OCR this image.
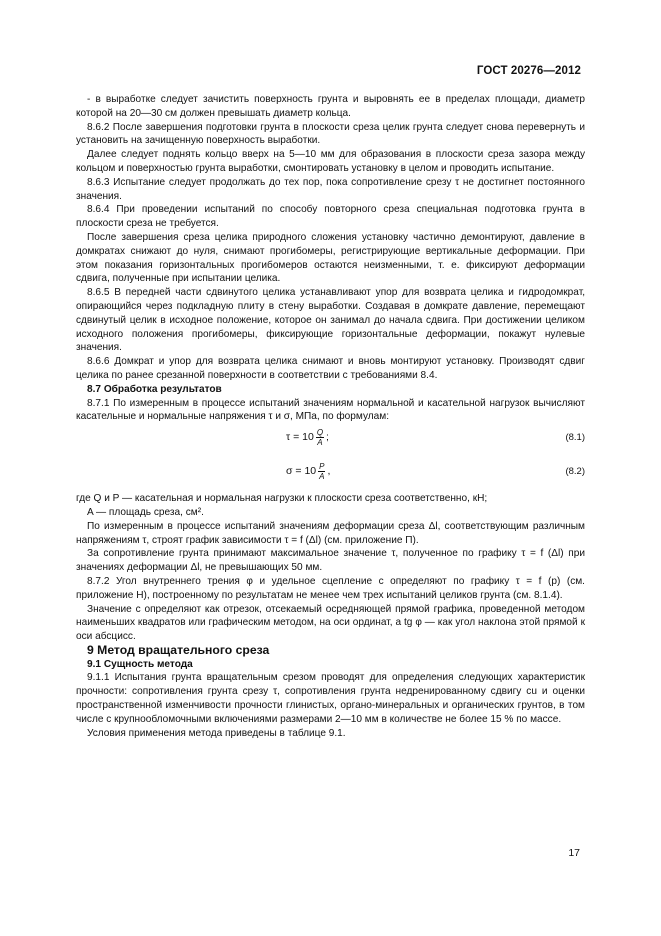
ГОСТ 20276—2012

- в выработке следует зачистить поверхность грунта и выровнять ее в пределах площади, диаметр которой на 20—30 см должен превышать диаметр кольца.

8.6.2 После завершения подготовки грунта в плоскости среза целик грунта следует снова перевернуть и установить на зачищенную поверхность выработки.

Далее следует поднять кольцо вверх на 5—10 мм для образования в плоскости среза зазора между кольцом и поверхностью грунта выработки, смонтировать установку в целом и проводить испытание.

8.6.3 Испытание следует продолжать до тех пор, пока сопротивление срезу τ не достигнет постоянного значения.

8.6.4 При проведении испытаний по способу повторного среза специальная подготовка грунта в плоскости среза не требуется.

После завершения среза целика природного сложения установку частично демонтируют, давление в домкратах снижают до нуля, снимают прогибомеры, регистрирующие вертикальные деформации. При этом показания горизонтальных прогибомеров остаются неизменными, т. е. фиксируют деформации сдвига, полученные при испытании целика.

8.6.5 В передней части сдвинутого целика устанавливают упор для возврата целика и гидродомкрат, опирающийся через подкладную плиту в стену выработки. Создавая в домкрате давление, перемещают сдвинутый целик в исходное положение, которое он занимал до начала сдвига. При достижении целиком исходного положения прогибомеры, фиксирующие горизонтальные деформации, покажут нулевые значения.

8.6.6 Домкрат и упор для возврата целика снимают и вновь монтируют установку. Производят сдвиг целика по ранее срезанной поверхности в соответствии с требованиями 8.4.

8.7 Обработка результатов

8.7.1 По измеренным в процессе испытаний значениям нормальной и касательной нагрузок вычисляют касательные и нормальные напряжения τ и σ, МПа, по формулам:

τ
= $10 \frac{Q}{A}$ ;	(8.1)
σ
= $10 \frac{P}{A}$ ,	(8.2)

где Q и P — касательная и нормальная нагрузки к плоскости среза соответственно, кН;

A — площадь среза, см².

По измеренным в процессе испытаний значениям деформации среза Δl, соответствующим различным напряжениям τ, строят график зависимости τ = f (Δl) (см. приложение П).

За сопротивление грунта принимают максимальное значение τ, полученное по графику τ = f (Δl) при значениях деформации Δl, не превышающих 50 мм.

8.7.2 Угол внутреннего трения φ и удельное сцепление c определяют по графику τ = f (p) (см. приложение Н), построенному по результатам не менее чем трех испытаний целиков грунта (см. 8.1.4).

Значение c определяют как отрезок, отсекаемый осредняющей прямой графика, проведенной методом наименьших квадратов или графическим методом, на оси ординат, а tg φ — как угол наклона этой прямой к оси абсцисс.

9 Метод вращательного среза

9.1 Сущность метода

9.1.1 Испытания грунта вращательным срезом проводят для определения следующих характеристик прочности: сопротивления грунта срезу τ, сопротивления грунта недренированному сдвигу cu и оценки пространственной изменчивости прочности глинистых, органо-минеральных и органических грунтов, в том числе с крупнообломочными включениями размерами 2—10 мм в количестве не более 15 % по массе.

Условия применения метода приведены в таблице 9.1.

17
